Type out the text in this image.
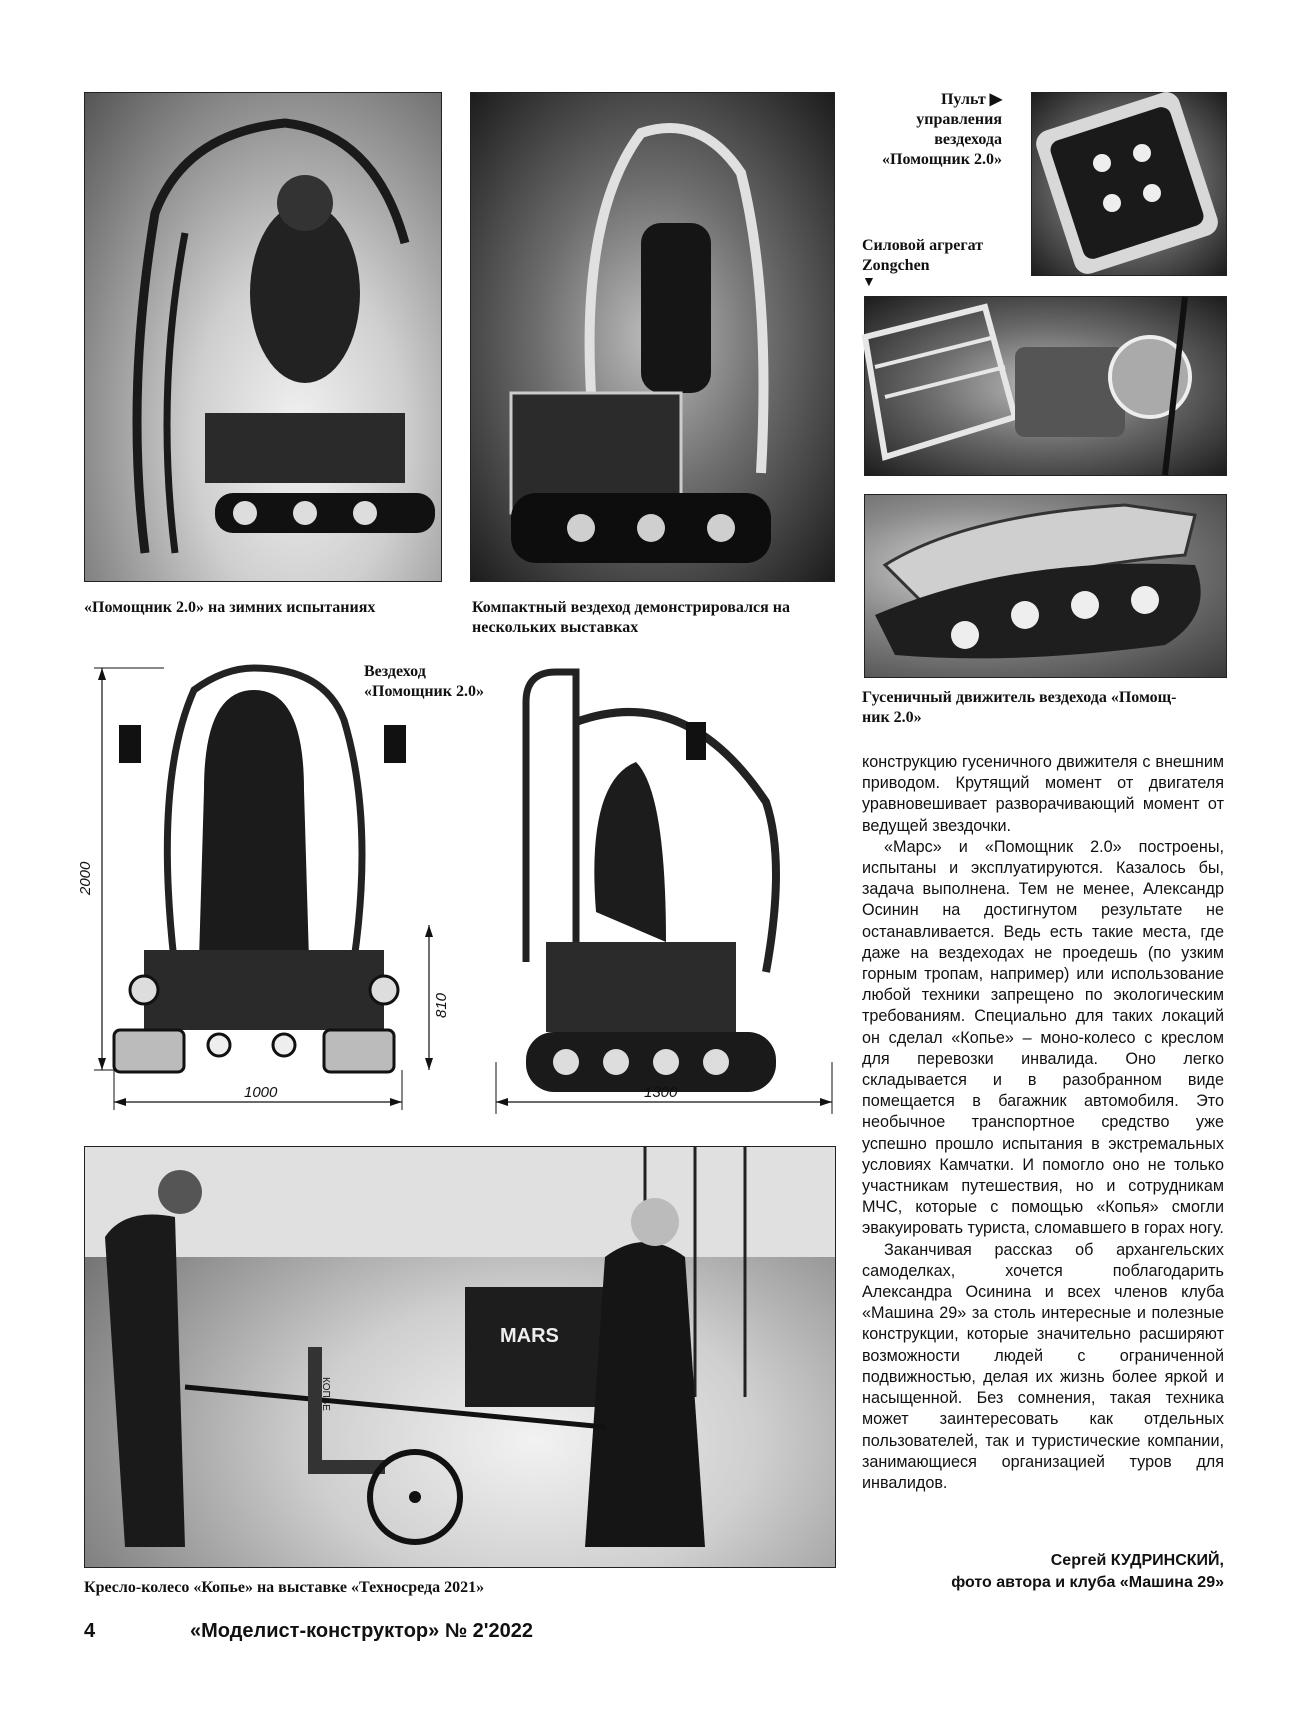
«Помощник 2.0» на зимних испытаниях	Компактный вездеход демонстрировался на нескольких выставках
Пульт ▶
управления
вездехода
«Помощник 2.0»
Силовой агрегат
Zongchen
▼
Гусеничный движитель вездехода «Помощ-
ник 2.0»
Вездеход
«Помощник 2.0»
2000
810
1000	1300
MARS
КОПЬЕ
Кресло-колесо «Копье» на выставке «Техносреда 2021»

конструкцию гусеничного движителя с внешним приводом. Крутящий момент от двигателя уравновешивает разворачивающий момент от ведущей звездочки.

«Марс» и «Помощник 2.0» построены, испытаны и эксплуатируются. Казалось бы, задача выполнена. Тем не менее, Александр Осинин на достигнутом результате не останавливается. Ведь есть такие места, где даже на вездеходах не проедешь (по узким горным тропам, например) или использование любой техники запрещено по экологическим требованиям. Специально для таких локаций он сделал «Копье» – моно-колесо с креслом для перевозки инвалида. Оно легко складывается и в разобранном виде помещается в багажник автомобиля. Это необычное транспортное средство уже успешно прошло испытания в экстремальных условиях Камчатки. И помогло оно не только участникам путешествия, но и сотрудникам МЧС, которые с помощью «Копья» смогли эвакуировать туриста, сломавшего в горах ногу.

Заканчивая рассказ об архангельских самоделках, хочется поблагодарить Александра Осинина и всех членов клуба «Машина 29» за столь интересные и полезные конструкции, которые значительно расширяют возможности людей с ограниченной подвижностью, делая их жизнь более яркой и насыщенной. Без сомнения, такая техника может заинтересовать как отдельных пользователей, так и туристические компании, занимающиеся организацией туров для инвалидов.

Сергей КУДРИНСКИЙ,
фото автора и клуба «Машина 29»
4	«Моделист-конструктор» № 2'2022
